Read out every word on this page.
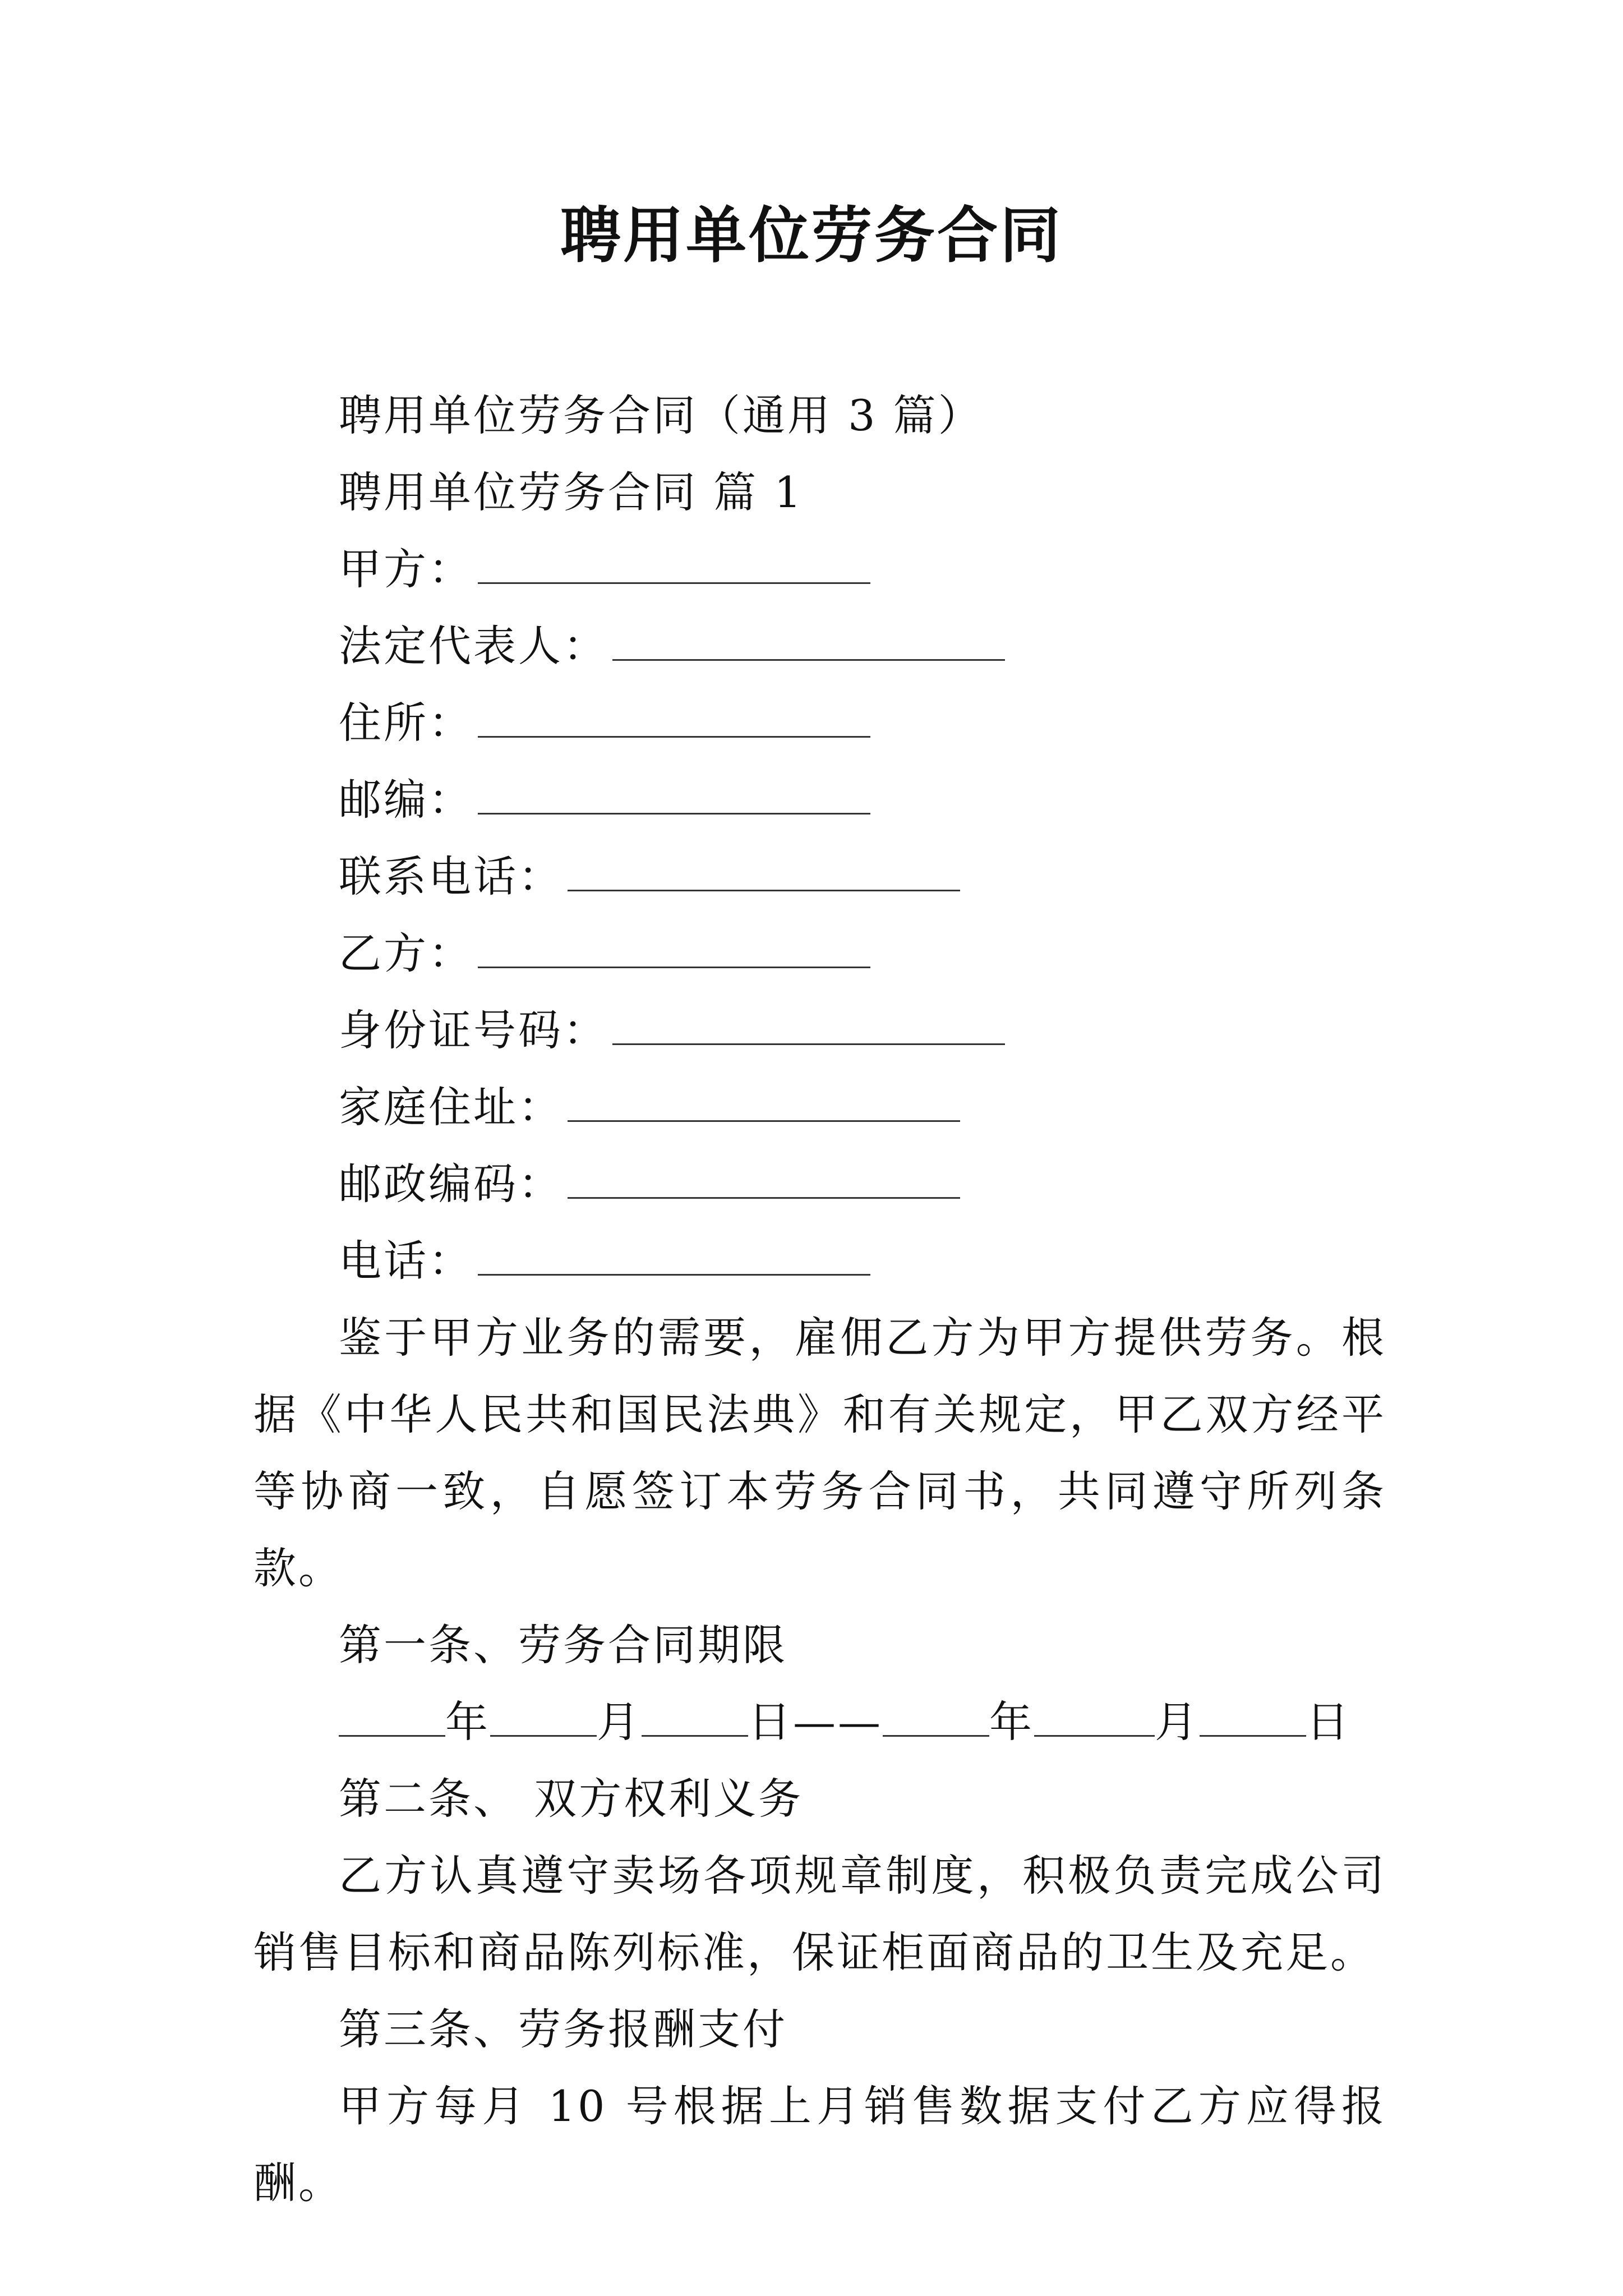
聘用单位劳务合同
聘用单位劳务合同（通用 3 篇）
聘用单位劳务合同 篇 1
甲方：
法定代表人：
住所：
邮编：
联系电话：
乙方：
身份证号码：
家庭住址：
邮政编码：
电话：
鉴于甲方业务的需要，雇佣乙方为甲方提供劳务。根据《中华人民共和国民法典》和有关规定，甲乙双方经平等协商一致，自愿签订本劳务合同书，共同遵守所列条款。
第一条、劳务合同期限
年	月	日——	年	月	日
第二条、 双方权利义务
乙方认真遵守卖场各项规章制度，积极负责完成公司销售目标和商品陈列标准，保证柜面商品的卫生及充足。
第三条、劳务报酬支付
甲方每月 10 号根据上月销售数据支付乙方应得报酬。
